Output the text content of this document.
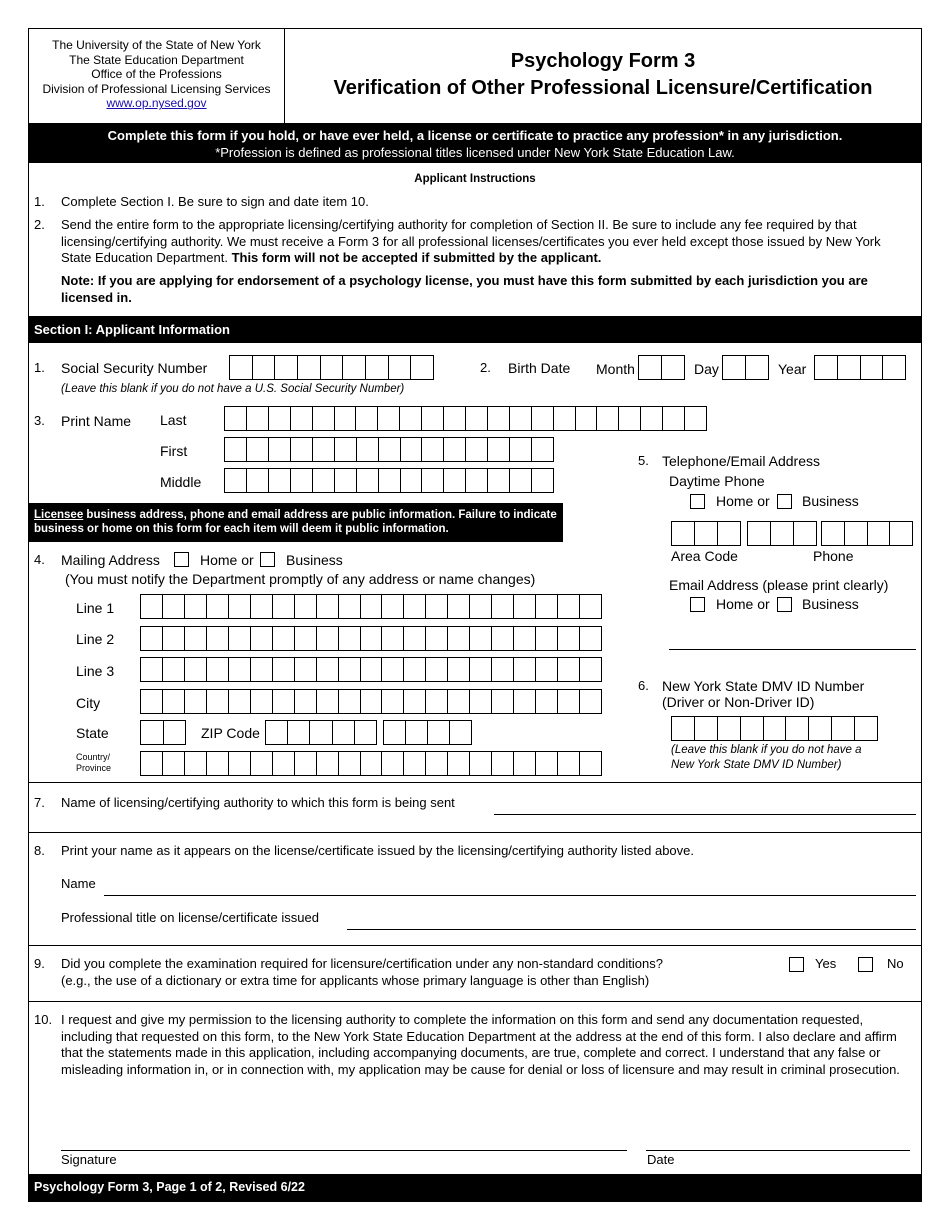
The University of the State of New York
The State Education Department
Office of the Professions
Division of Professional Licensing Services
www.op.nysed.gov
Psychology Form 3
Verification of Other Professional Licensure/Certification
Complete this form if you hold, or have ever held, a license or certificate to practice any profession* in any jurisdiction.
*Profession is defined as professional titles licensed under New York State Education Law.
Applicant Instructions
1. Complete Section I. Be sure to sign and date item 10.
2. Send the entire form to the appropriate licensing/certifying authority for completion of Section II. Be sure to include any fee required by that licensing/certifying authority. We must receive a Form 3 for all professional licenses/certificates you ever held except those issued by New York State Education Department. This form will not be accepted if submitted by the applicant.
Note: If you are applying for endorsement of a psychology license, you must have this form submitted by each jurisdiction you are licensed in.
Section I: Applicant Information
1. Social Security Number
(Leave this blank if you do not have a U.S. Social Security Number)
2. Birth Date Month	Day	Year
3. Print Name Last
First
Middle
Licensee business address, phone and email address are public information. Failure to indicate business or home on this form for each item will deem it public information.
4. Mailing Address	Home or Business
(You must notify the Department promptly of any address or name changes)
Line 1
Line 2
Line 3
City
State	ZIP Code
Country/
Province
5. Telephone/Email Address
Daytime Phone
Home or Business
Area Code	Phone
Email Address (please print clearly)
Home or Business
6. New York State DMV ID Number
(Driver or Non-Driver ID)
(Leave this blank if you do not have a
New York State DMV ID Number)
7. Name of licensing/certifying authority to which this form is being sent
8. Print your name as it appears on the license/certificate issued by the licensing/certifying authority listed above.
Name
Professional title on license/certificate issued
9. Did you complete the examination required for licensure/certification under any non-standard conditions?
(e.g., the use of a dictionary or extra time for applicants whose primary language is other than English)
Yes	No
10. I request and give my permission to the licensing authority to complete the information on this form and send any documentation requested, including that requested on this form, to the New York State Education Department at the address at the end of this form. I also declare and affirm that the statements made in this application, including accompanying documents, are true, complete and correct. I understand that any false or misleading information in, or in connection with, my application may be cause for denial or loss of licensure and may result in criminal prosecution.
Signature	Date
Psychology Form 3, Page 1 of 2, Revised 6/22
